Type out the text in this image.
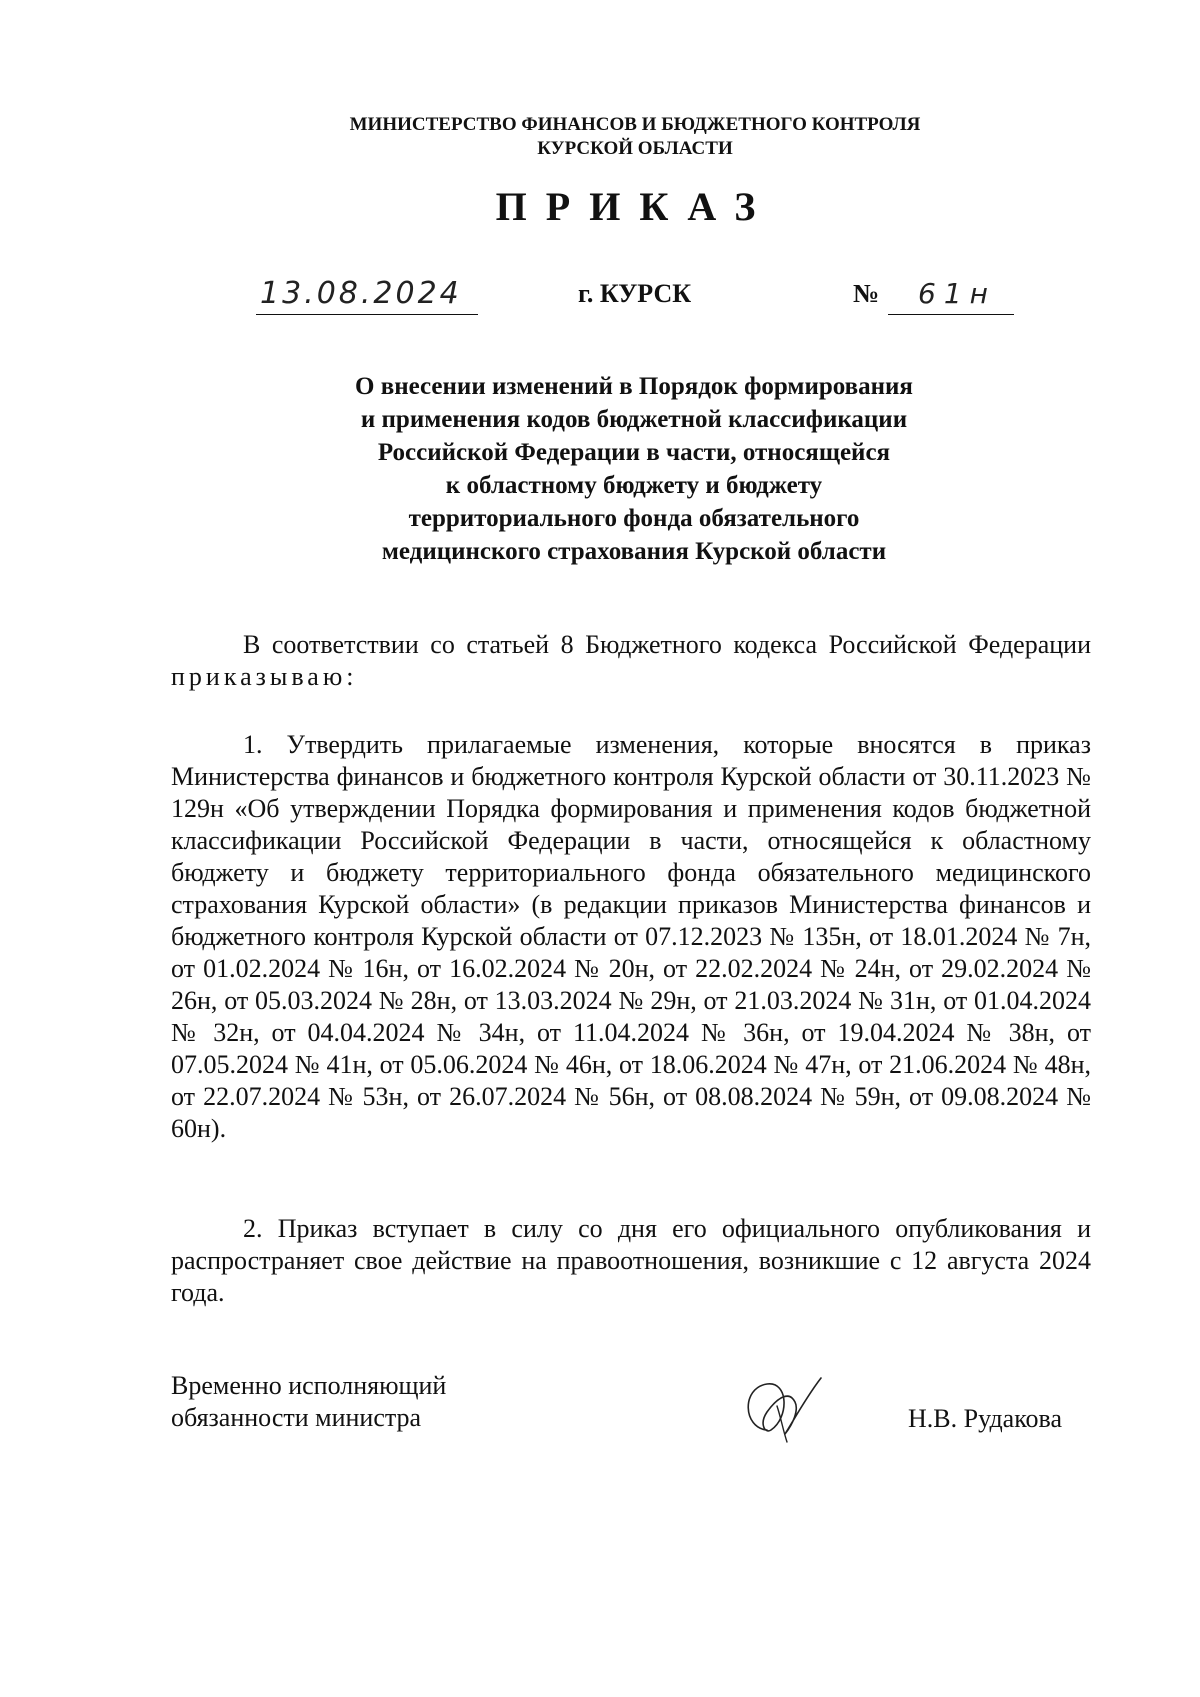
МИНИСТЕРСТВО ФИНАНСОВ И БЮДЖЕТНОГО КОНТРОЛЯ
КУРСКОЙ ОБЛАСТИ
ПРИКАЗ
13.08.2024	г. КУРСК	№ 61н
О внесении изменений в Порядок формирования
и применения кодов бюджетной классификации
Российской Федерации в части, относящейся
к областному бюджету и бюджету
территориального фонда обязательного
медицинского страхования Курской области
В соответствии со статьей 8 Бюджетного кодекса Российской Федерации приказываю:
1. Утвердить прилагаемые изменения, которые вносятся в приказ Министерства финансов и бюджетного контроля Курской области от 30.11.2023 № 129н «Об утверждении Порядка формирования и применения кодов бюджетной классификации Российской Федерации в части, относящейся к областному бюджету и бюджету территориального фонда обязательного медицинского страхования Курской области» (в редакции приказов Министерства финансов и бюджетного контроля Курской области от 07.12.2023 № 135н, от 18.01.2024 № 7н, от 01.02.2024 № 16н, от 16.02.2024 № 20н, от 22.02.2024 № 24н, от 29.02.2024 № 26н, от 05.03.2024 № 28н, от 13.03.2024 № 29н, от 21.03.2024 № 31н, от 01.04.2024 № 32н, от 04.04.2024 № 34н, от 11.04.2024 № 36н, от 19.04.2024 № 38н, от 07.05.2024 № 41н, от 05.06.2024 № 46н, от 18.06.2024 № 47н, от 21.06.2024 № 48н, от 22.07.2024 № 53н, от 26.07.2024 № 56н, от 08.08.2024 № 59н, от 09.08.2024 № 60н).
2. Приказ вступает в силу со дня его официального опубликования и распространяет свое действие на правоотношения, возникшие с 12 августа 2024 года.
Временно исполняющий
обязанности министра	Н.В. Рудакова
